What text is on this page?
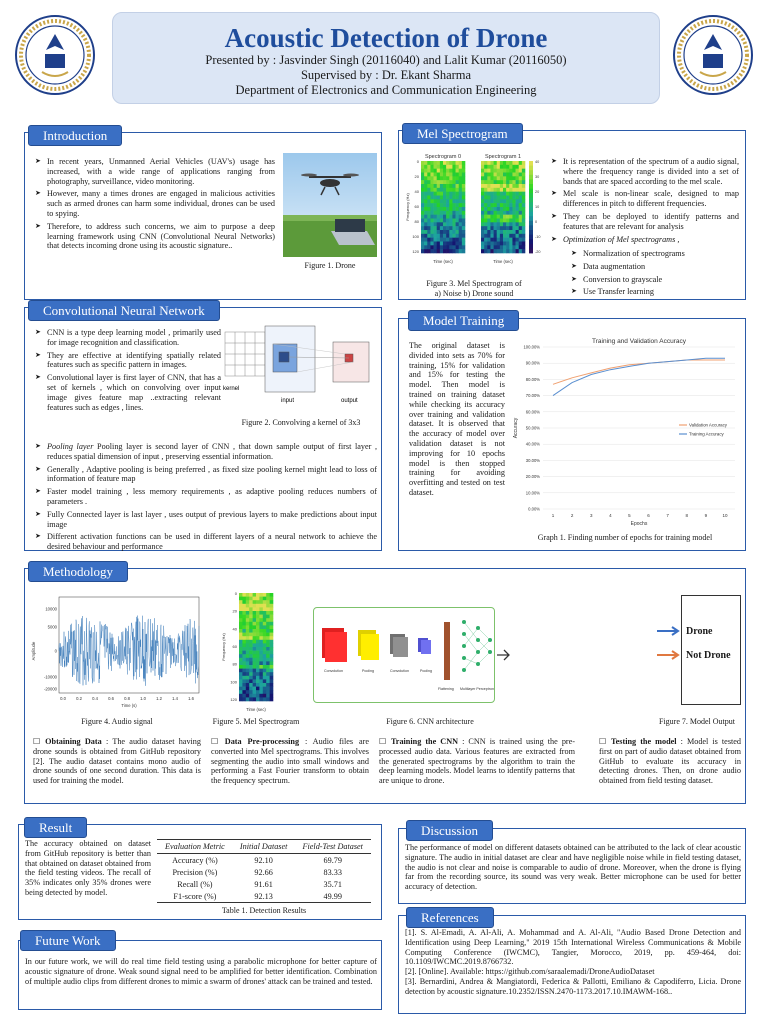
Acoustic Detection of Drone
Presented by : Jasvinder Singh (20116040) and Lalit Kumar (20116050)
Supervised by : Dr. Ekant Sharma
Department of Electronics and Communication Engineering
➤ In recent years, Unmanned Aerial Vehicles (UAV's) usage has increased, with a wide range of applications ranging from photography, surveillance, video monitoring.
➤ However, many a times drones are engaged in malicious activities such as armed drones can harm some individual, drones can be used to spying.
➤ Therefore, to address such concerns, we aim to purpose a deep learning framework using CNN (Convolutional Neural Networks) that detects incoming drone using its acoustic signature..
Figure 1. Drone
Introduction
Spectrogram 0	Spectrogram 1
0
20
40
60
80
100
120
Frequency (Hz)
Time (sec)	Time (sec)
40
30
20
10
0
-10
-20
Figure 3. Mel Spectrogram of
a) Noise b) Drone sound
➤ It is representation of the spectrum of a audio signal, where the frequency range is divided into a set of bands that are spaced according to the mel scale.
➤ Mel scale is non-linear scale, designed to map differences in pitch to different frequencies.
➤ They can be deployed to identify patterns and features that are relevant for analysis
➤ Optimization of Mel spectrograms ,
➤ Normalization of spectrograms
➤ Data augmentation
➤ Conversion to grayscale
➤ Use Transfer learning
Mel Spectrogram
➤ CNN is a type deep learning model , primarily used for image recognition and classification.
➤ They are effective at identifying spatially related features such as specific pattern in images.
➤ Convolutional layer is first layer of CNN, that has a set of kernels , which on convolving over input image gives feature map ..extracting relevant features such as edges , lines.
kernel
input	output
Figure 2. Convolving a kernel of 3x3
➤ Pooling layer Pooling layer is second layer of CNN , that down sample output of first layer , reduces spatial dimension of input , preserving essential information.
➤ Generally , Adaptive pooling is being preferred , as fixed size pooling kernel might lead to loss of information of feature map
➤ Faster model training , less memory requirements , as adaptive pooling reduces numbers of parameters .
➤ Fully Connected layer is last layer , uses output of previous layers to make predictions about input image
➤ Different activation functions can be used in different layers of a neural network to achieve the desired behaviour and performance
Convolutional Neural Network
The original dataset is divided into sets as 70% for training, 15% for validation and 15% for testing the model. Then model is trained on training dataset while checking its accuracy over training and validation dataset. It is observed that the accuracy of model over validation dataset is not improving for 10 epochs model is then stopped training for avoiding overfitting and tested on test dataset.
Training and Validation Accuracy
0.00%
10.00%
20.00%
30.00%
40.00%
50.00%
60.00%
70.00%
80.00%
90.00%
100.00%
1	2	3	4	5	6	7	8	9	10
Epochs
Accuracy	Validation Accuracy
Training Accuracy
Graph 1. Finding number of epochs for training model
Model Training
10000
5000
0
-10000
-20000
0.0 0.2 0.4 0.6 0.8 1.0 1.2 1.4 1.6
Amplitude
Time (s)
0
20
40
60
80
100
120
Frequency (Hz)
Time (sec)
Convolution	Pooling	Convolution	Pooling
Flattening Multilayer Perceptron
Drone
Not Drone
Figure 4. Audio signal	Figure 5. Mel Spectrogram	Figure 6. CNN architecture	Figure 7. Model Output
☐ Obtaining Data : The audio dataset having drone sounds is obtained from GitHub repository [2]. The audio dataset contains mono audio of drone sounds of one second duration. This data is used for training the model.
☐ Data Pre-processing : Audio files are converted into Mel spectrograms. This involves segmenting the audio into small windows and performing a Fast Fourier transform to obtain the frequency spectrum.
☐ Training the CNN : CNN is trained using the pre-processed audio data. Various features are extracted from the generated spectrograms by the algorithm to train the deep learning models. Model learns to identify patterns that are unique to drone.
☐ Testing the model : Model is tested first on part of audio dataset obtained from GitHub to evaluate its accuracy in detecting drones. Then, on drone audio obtained from field testing dataset.
Methodology
The accuracy obtained on dataset from GitHub repository is better than that obtained on dataset obtained from the field testing videos. The recall of 35% indicates only 35% drones were being detected by model.
Evaluation Metric	Initial Dataset	Field-Test Dataset
Accuracy (%)	92.10	69.79
Precision (%)	92.66	83.33
Recall (%)	91.61	35.71
F1-score (%)	92.13	49.99
Table 1. Detection Results
Result
The performance of model on different datasets obtained can be attributed to the lack of clear acoustic signature. The audio in initial dataset are clear and have negligible noise while in field testing dataset, the audio is not clear and noise is comparable to audio of drone. Moreover, when the drone is flying far from the recording source, its sound was very weak. Better microphone can be used for better accuracy of detection.
Discussion
In our future work, we will do real time field testing using a parabolic microphone for better capture of acoustic signature of drone. Weak sound signal need to be amplified for better identification. Combination of multiple audio clips from different drones to mimic a swarm of drones' attack can be trained and tested.
Future Work
[1]. S. Al-Emadi, A. Al-Ali, A. Mohammad and A. Al-Ali, "Audio Based Drone Detection and Identification using Deep Learning," 2019 15th International Wireless Communications & Mobile Computing Conference (IWCMC), Tangier, Morocco, 2019, pp. 459-464, doi: 10.1109/IWCMC.2019.8766732.
[2]. [Online]. Available: https://github.com/saraalemadi/DroneAudioDataset
[3]. Bernardini, Andrea & Mangiatordi, Federica & Pallotti, Emiliano & Capodiferro, Licia. Drone detection by acoustic signature.10.2352/ISSN.2470-1173.2017.10.IMAWM-168..
References
